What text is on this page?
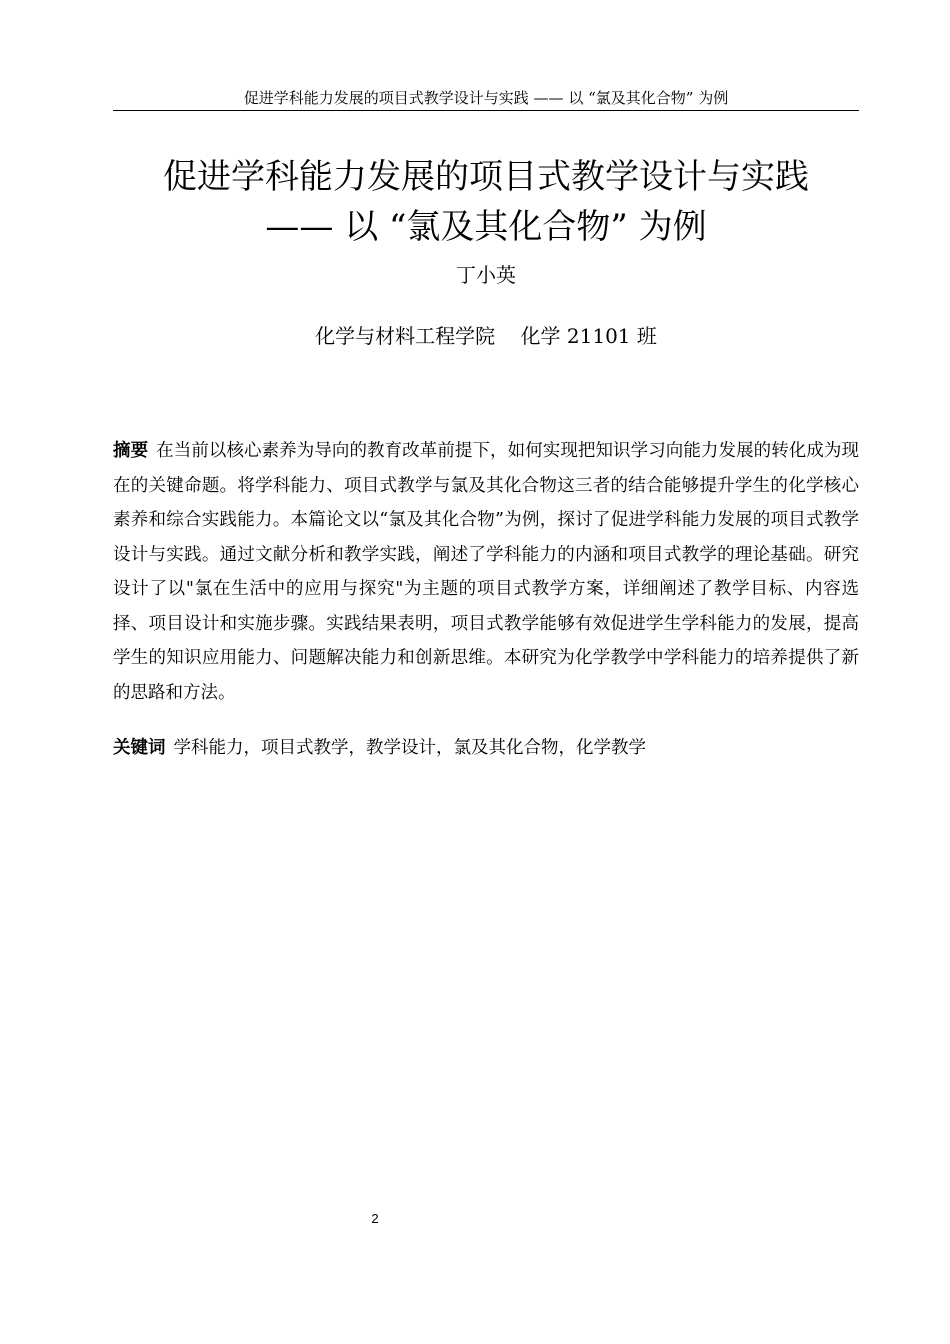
促进学科能力发展的项目式教学设计与实践 —— 以 “氯及其化合物” 为例
促进学科能力发展的项目式教学设计与实践
—— 以 “氯及其化合物” 为例
丁小英
化学与材料工程学院    化学 21101 班

摘要 在当前以核心素养为导向的教育改革前提下，如何实现把知识学习向能力发展的转化成为现在的关键命题。将学科能力、项目式教学与氯及其化合物这三者的结合能够提升学生的化学核心素养和综合实践能力。本篇论文以“氯及其化合物”为例，探讨了促进学科能力发展的项目式教学设计与实践。通过文献分析和教学实践，阐述了学科能力的内涵和项目式教学的理论基础。研究设计了以"氯在生活中的应用与探究"为主题的项目式教学方案，详细阐述了教学目标、内容选择、项目设计和实施步骤。实践结果表明，项目式教学能够有效促进学生学科能力的发展，提高学生的知识应用能力、问题解决能力和创新思维。本研究为化学教学中学科能力的培养提供了新的思路和方法。

关键词 学科能力，项目式教学，教学设计，氯及其化合物，化学教学

2
